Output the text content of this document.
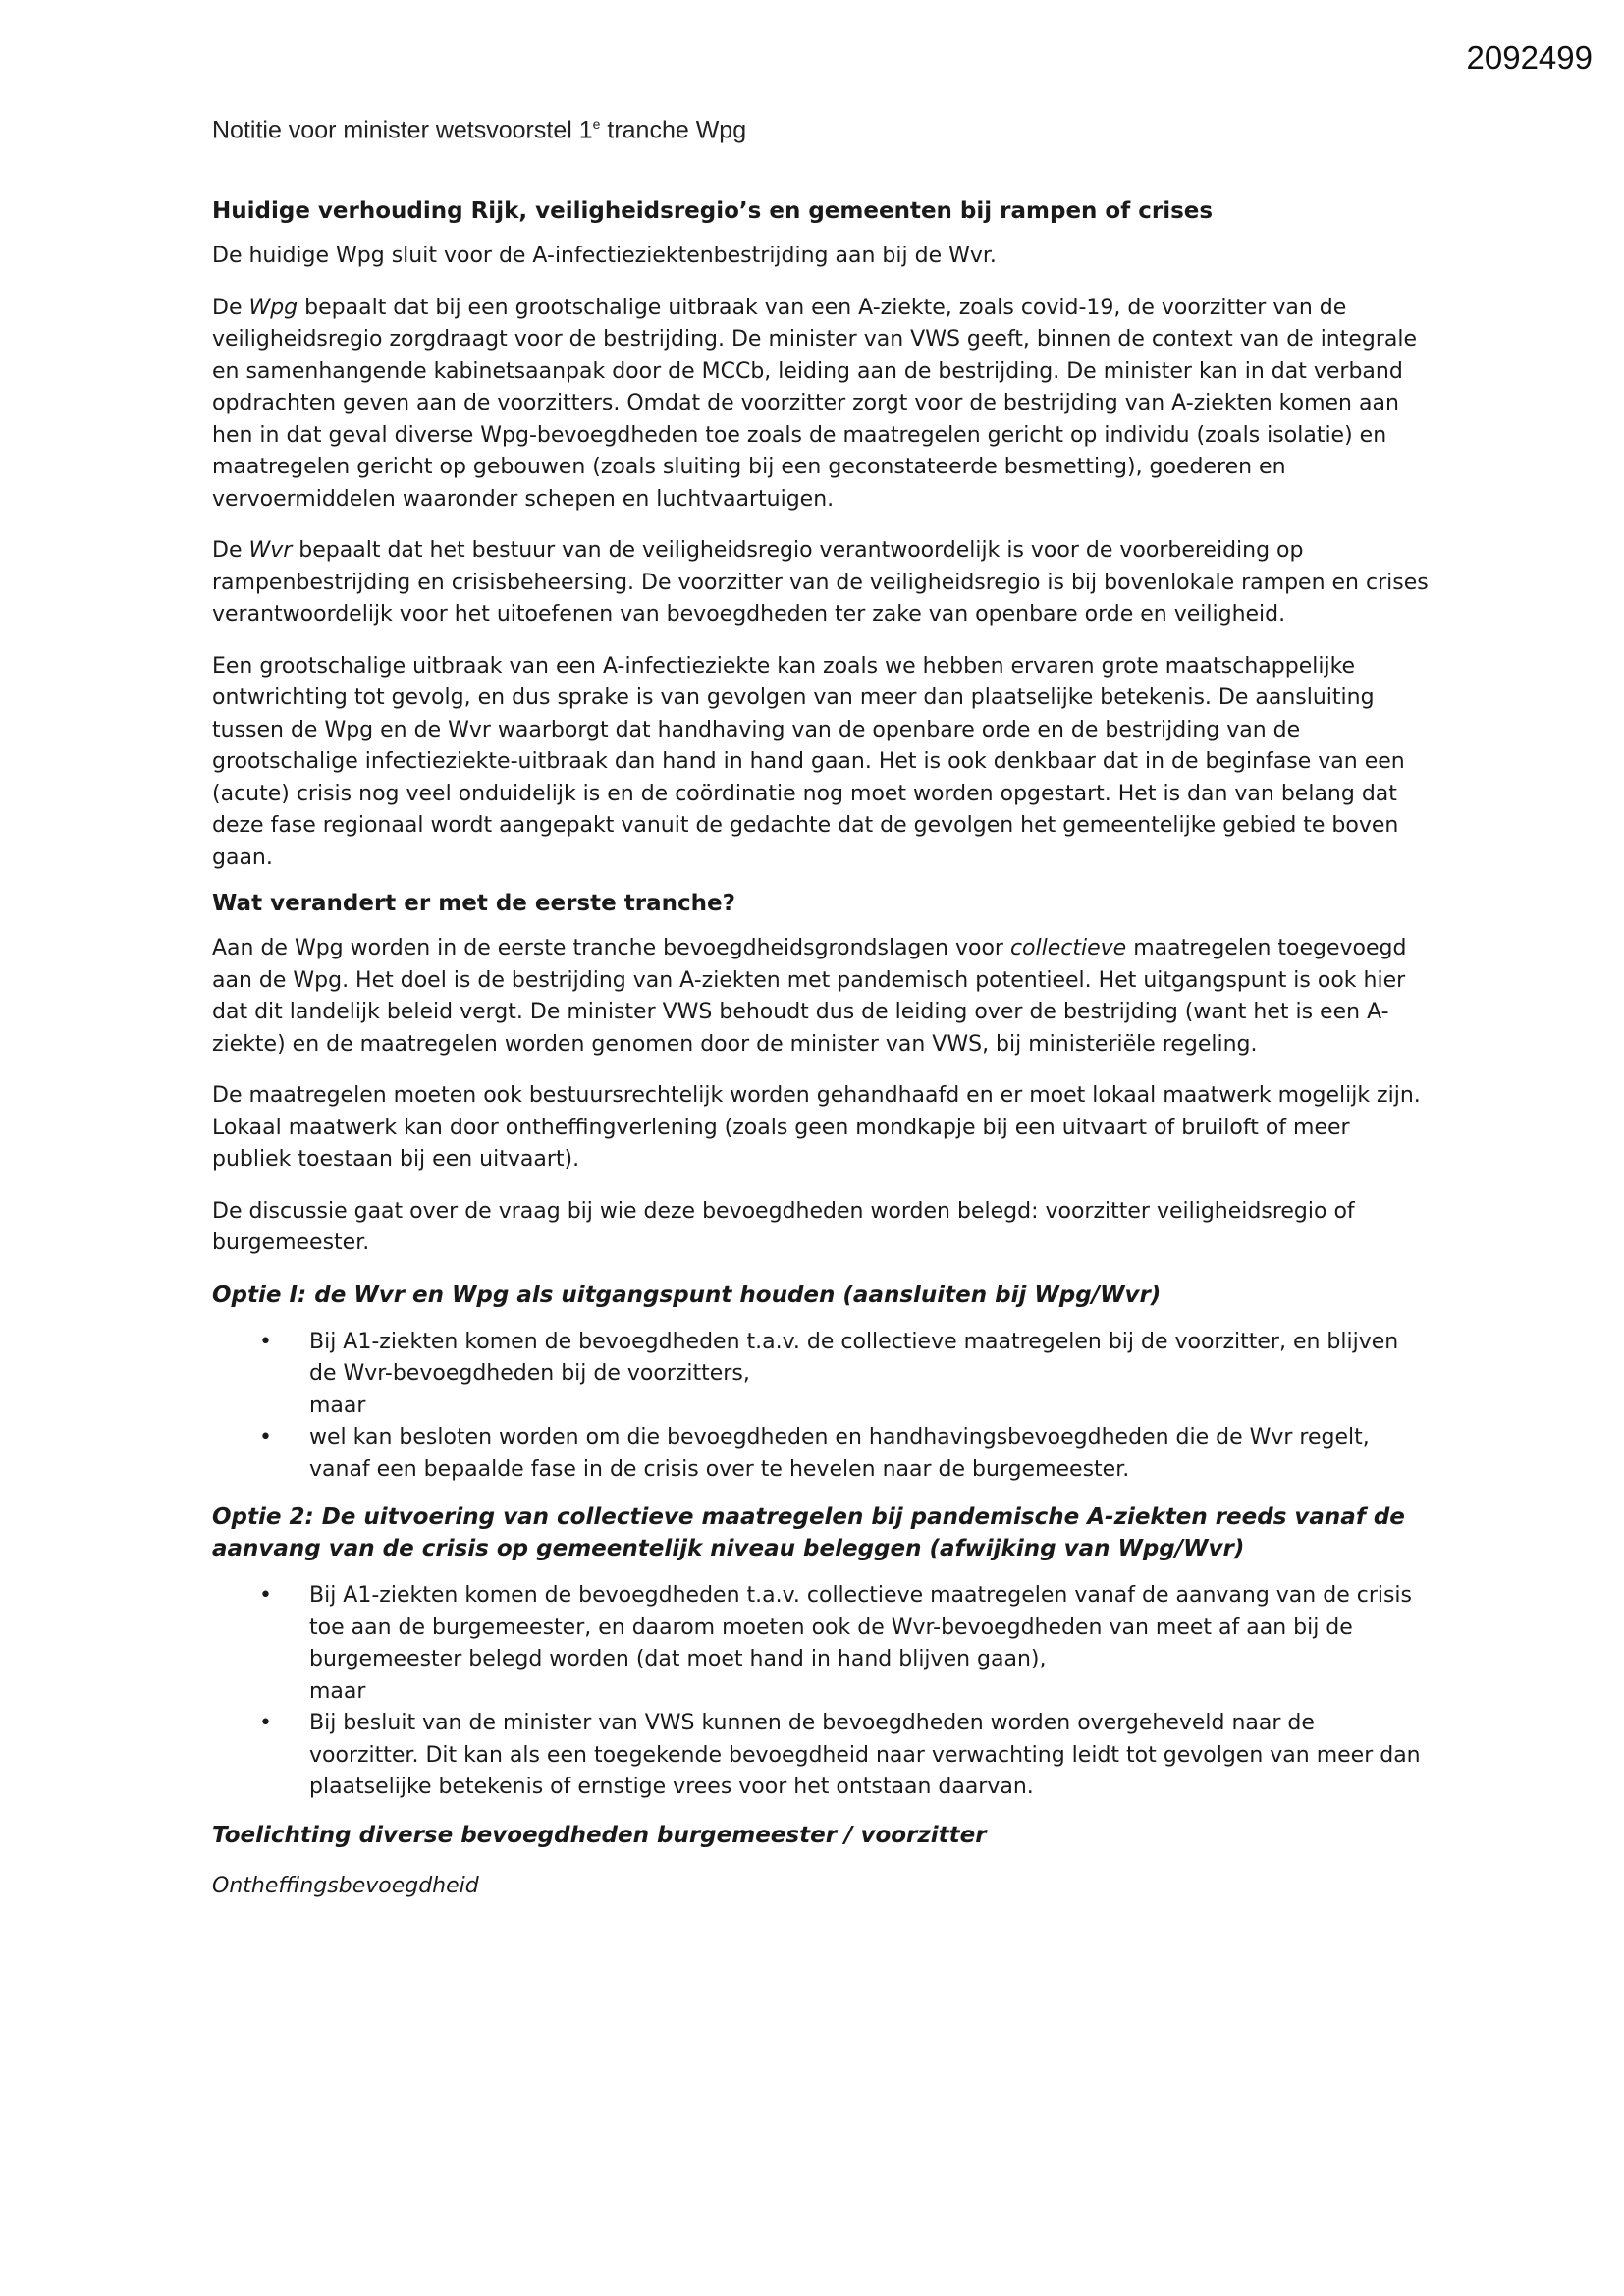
2092499
Notitie voor minister wetsvoorstel 1e tranche Wpg
Huidige verhouding Rijk, veiligheidsregio’s en gemeenten bij rampen of crises

De huidige Wpg sluit voor de A-infectieziektenbestrijding aan bij de Wvr.

De Wpg bepaalt dat bij een grootschalige uitbraak van een A-ziekte, zoals covid-19, de voorzitter van de veiligheidsregio zorgdraagt voor de bestrijding. De minister van VWS geeft, binnen de context van de integrale en samenhangende kabinetsaanpak door de MCCb, leiding aan de bestrijding. De minister kan in dat verband opdrachten geven aan de voorzitters. Omdat de voorzitter zorgt voor de bestrijding van A-ziekten komen aan hen in dat geval diverse Wpg-bevoegdheden toe zoals de maatregelen gericht op individu (zoals isolatie) en maatregelen gericht op gebouwen (zoals sluiting bij een geconstateerde besmetting), goederen en vervoermiddelen waaronder schepen en luchtvaartuigen.

De Wvr bepaalt dat het bestuur van de veiligheidsregio verantwoordelijk is voor de voorbereiding op rampenbestrijding en crisisbeheersing. De voorzitter van de veiligheidsregio is bij bovenlokale rampen en crises verantwoordelijk voor het uitoefenen van bevoegdheden ter zake van openbare orde en veiligheid.

Een grootschalige uitbraak van een A-infectieziekte kan zoals we hebben ervaren grote maatschappelijke ontwrichting tot gevolg, en dus sprake is van gevolgen van meer dan plaatselijke betekenis. De aansluiting tussen de Wpg en de Wvr waarborgt dat handhaving van de openbare orde en de bestrijding van de grootschalige infectieziekte-uitbraak dan hand in hand gaan. Het is ook denkbaar dat in de beginfase van een (acute) crisis nog veel onduidelijk is en de coördinatie nog moet worden opgestart. Het is dan van belang dat deze fase regionaal wordt aangepakt vanuit de gedachte dat de gevolgen het gemeentelijke gebied te boven gaan.

Wat verandert er met de eerste tranche?

Aan de Wpg worden in de eerste tranche bevoegdheidsgrondslagen voor collectieve maatregelen toegevoegd aan de Wpg. Het doel is de bestrijding van A-ziekten met pandemisch potentieel. Het uitgangspunt is ook hier dat dit landelijk beleid vergt. De minister VWS behoudt dus de leiding over de bestrijding (want het is een A-ziekte) en de maatregelen worden genomen door de minister van VWS, bij ministeriële regeling.

De maatregelen moeten ook bestuursrechtelijk worden gehandhaafd en er moet lokaal maatwerk mogelijk zijn. Lokaal maatwerk kan door ontheffingverlening (zoals geen mondkapje bij een uitvaart of bruiloft of meer publiek toestaan bij een uitvaart).

De discussie gaat over de vraag bij wie deze bevoegdheden worden belegd: voorzitter veiligheidsregio of burgemeester.

Optie I: de Wvr en Wpg als uitgangspunt houden (aansluiten bij Wpg/Wvr)
• Bij A1-ziekten komen de bevoegdheden t.a.v. de collectieve maatregelen bij de voorzitter, en blijven de Wvr-bevoegdheden bij de voorzitters,
maar
• wel kan besloten worden om die bevoegdheden en handhavingsbevoegdheden die de Wvr regelt, vanaf een bepaalde fase in de crisis over te hevelen naar de burgemeester.
Optie 2: De uitvoering van collectieve maatregelen bij pandemische A-ziekten reeds vanaf de aanvang van de crisis op gemeentelijk niveau beleggen (afwijking van Wpg/Wvr)
• Bij A1-ziekten komen de bevoegdheden t.a.v. collectieve maatregelen vanaf de aanvang van de crisis toe aan de burgemeester, en daarom moeten ook de Wvr-bevoegdheden van meet af aan bij de burgemeester belegd worden (dat moet hand in hand blijven gaan),
maar
• Bij besluit van de minister van VWS kunnen de bevoegdheden worden overgeheveld naar de voorzitter. Dit kan als een toegekende bevoegdheid naar verwachting leidt tot gevolgen van meer dan plaatselijke betekenis of ernstige vrees voor het ontstaan daarvan.
Toelichting diverse bevoegdheden burgemeester / voorzitter

Ontheffingsbevoegdheid
